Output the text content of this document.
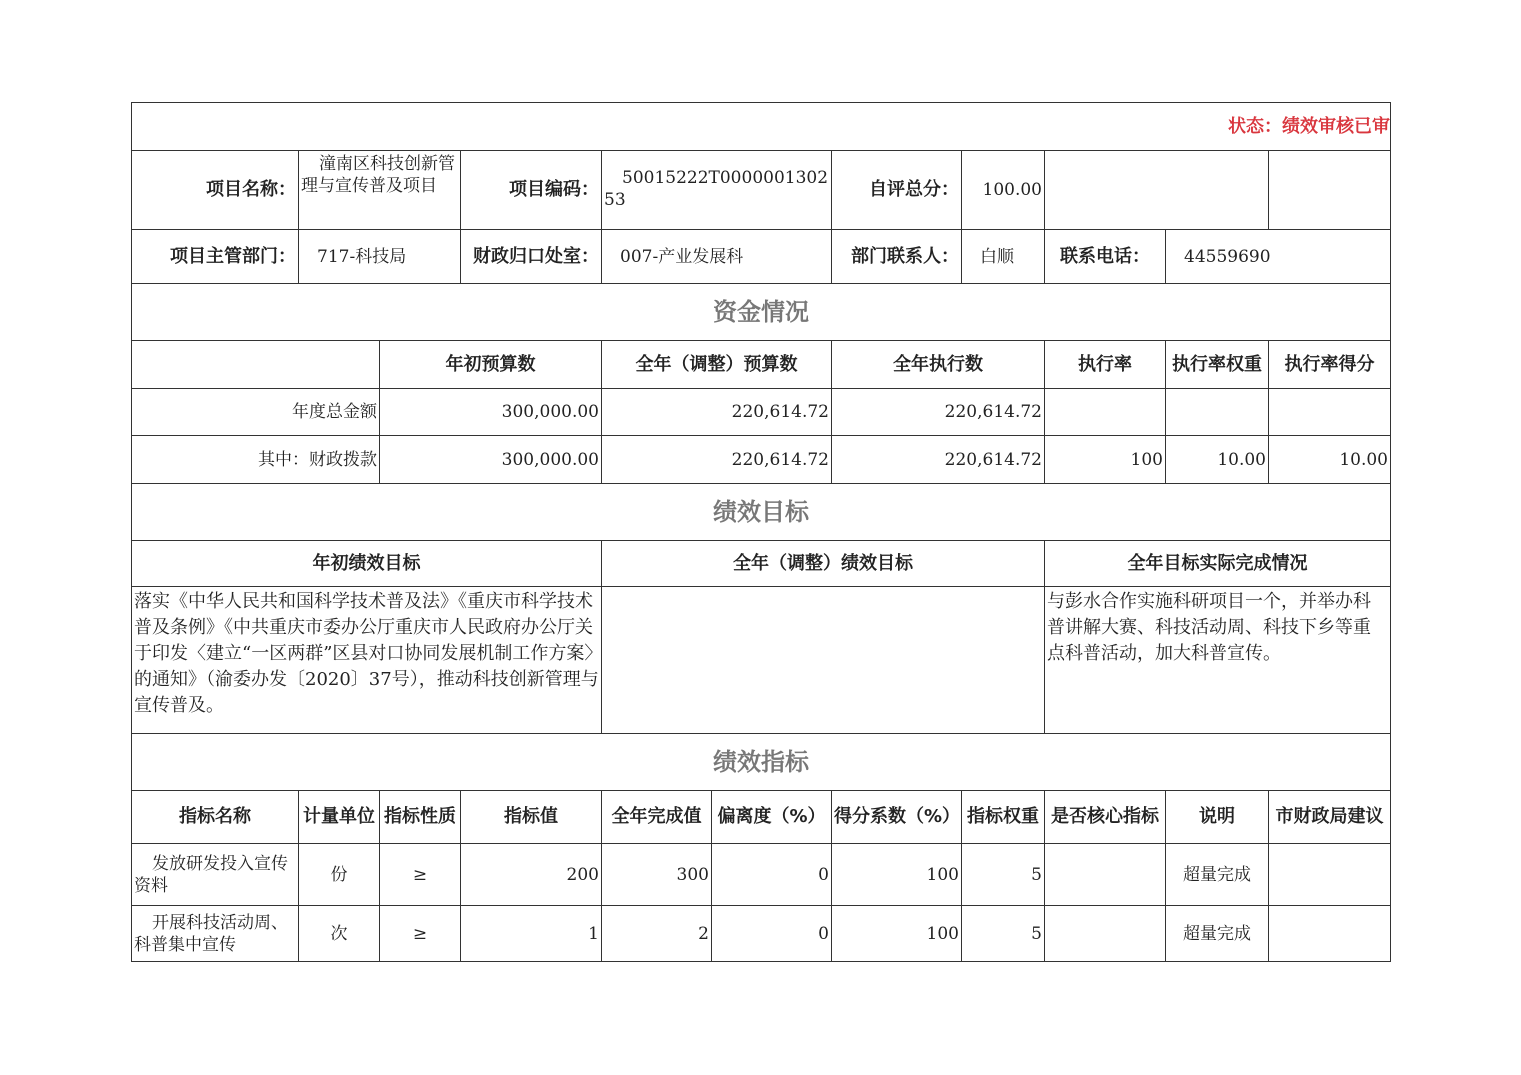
状态：绩效审核已审										
项目名称：	潼南区科技创新管理与宣传普及项目		项目编码：	50015222T000000130253		自评总分：	100.00			
项目主管部门：	717-科技局		财政归口处室：	007-产业发展科		部门联系人：	白顺	联系电话：	44559690	
资金情况										
		年初预算数		全年（调整）预算数		全年执行数		执行率	执行率权重	执行率得分
年度总金额		300,000.00		220,614.72		220,614.72				
其中：财政拨款		300,000.00		220,614.72		220,614.72		100	10.00	10.00
绩效目标										
年初绩效目标				全年（调整）绩效目标				全年目标实际完成情况		
落实《中华人民共和国科学技术普及法》《重庆市科学技术普及条例》《中共重庆市委办公厅重庆市人民政府办公厅关于印发〈建立“一区两群”区县对口协同发展机制工作方案〉的通知》（渝委办发〔2020〕37号），推动科技创新管理与宣传普及。								与彭水合作实施科研项目一个，并举办科普讲解大赛、科技活动周、科技下乡等重点科普活动，加大科普宣传。		
绩效指标										
指标名称	计量单位	指标性质	指标值	全年完成值	偏离度（%）	得分系数（%）	指标权重	是否核心指标	说明	市财政局建议
发放研发投入宣传资料	份	≥	200	300	0	100	5		超量完成	
开展科技活动周、科普集中宣传	次	≥	1	2	0	100	5		超量完成	
